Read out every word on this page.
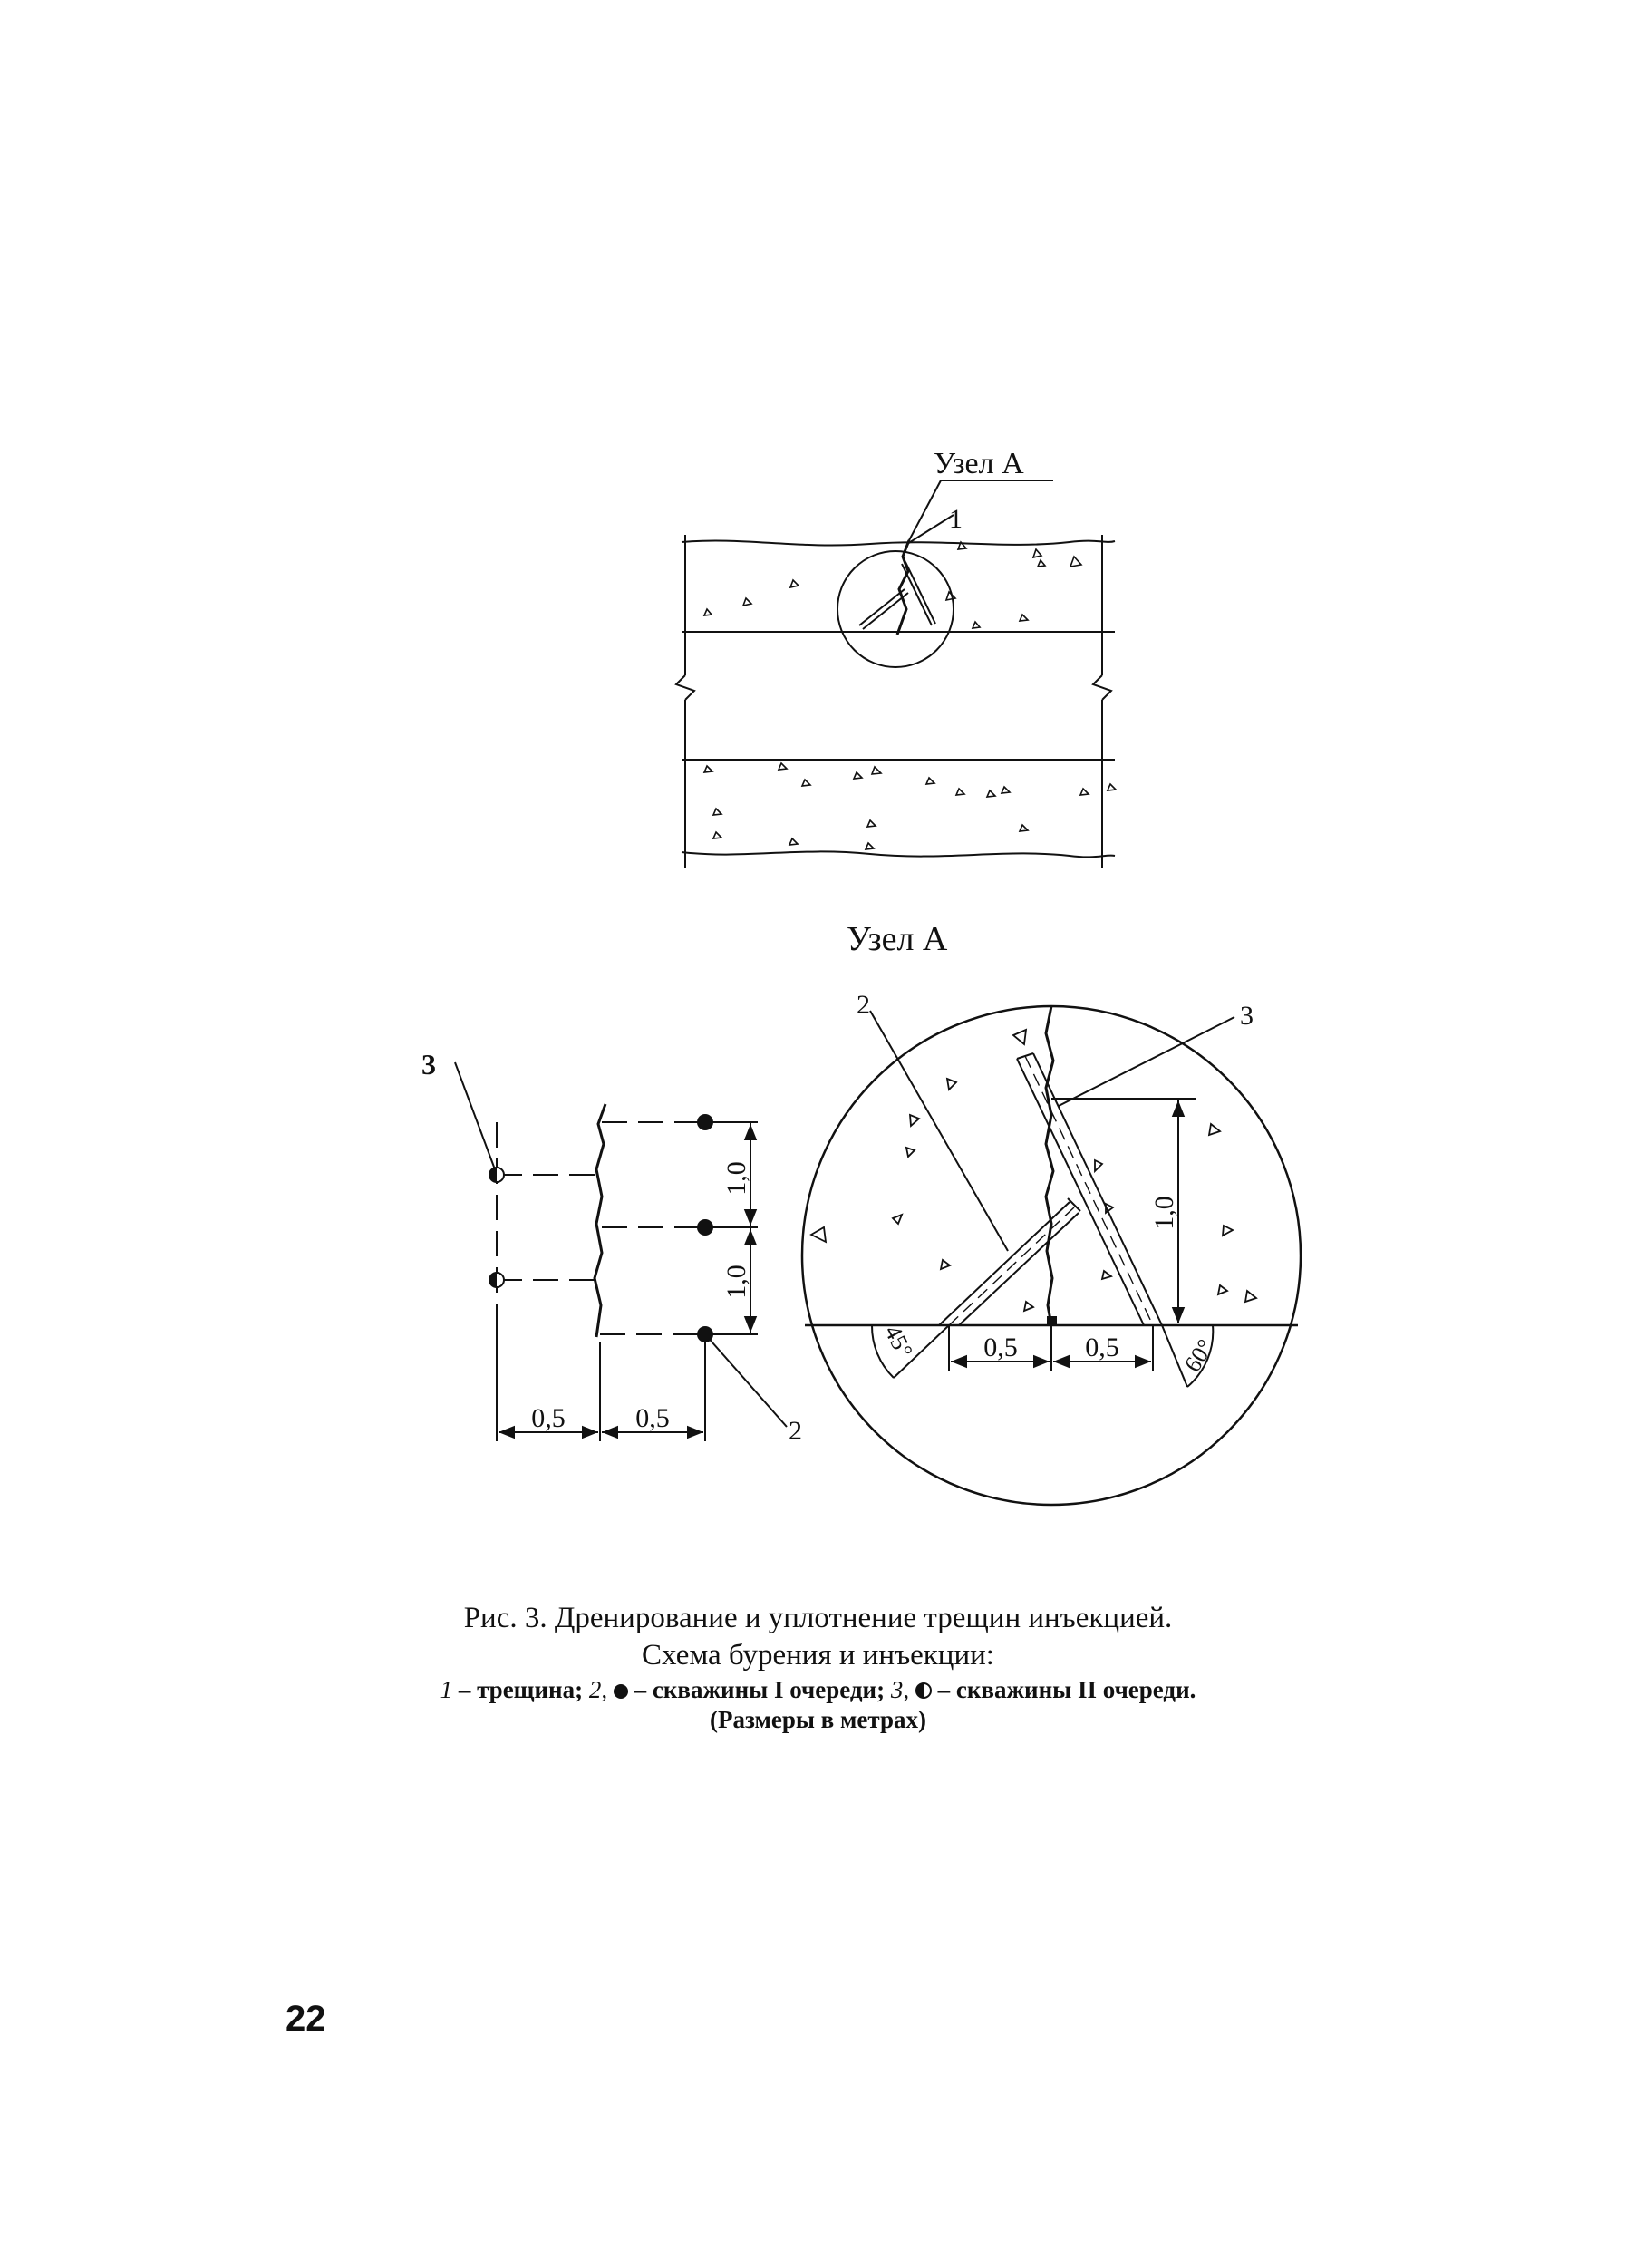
Узел А
1
Узел А
3
2
1,0
1,0
0,5	0,5
2	3
1,0
0,5 0,5
45°	60°
Рис. 3. Дренирование и уплотнение трещин инъекцией.
Схема бурения и инъекции:
1 – трещина; 2,  – скважины I очереди; 3,  – скважины II очереди.
(Размеры в метрах)
22
